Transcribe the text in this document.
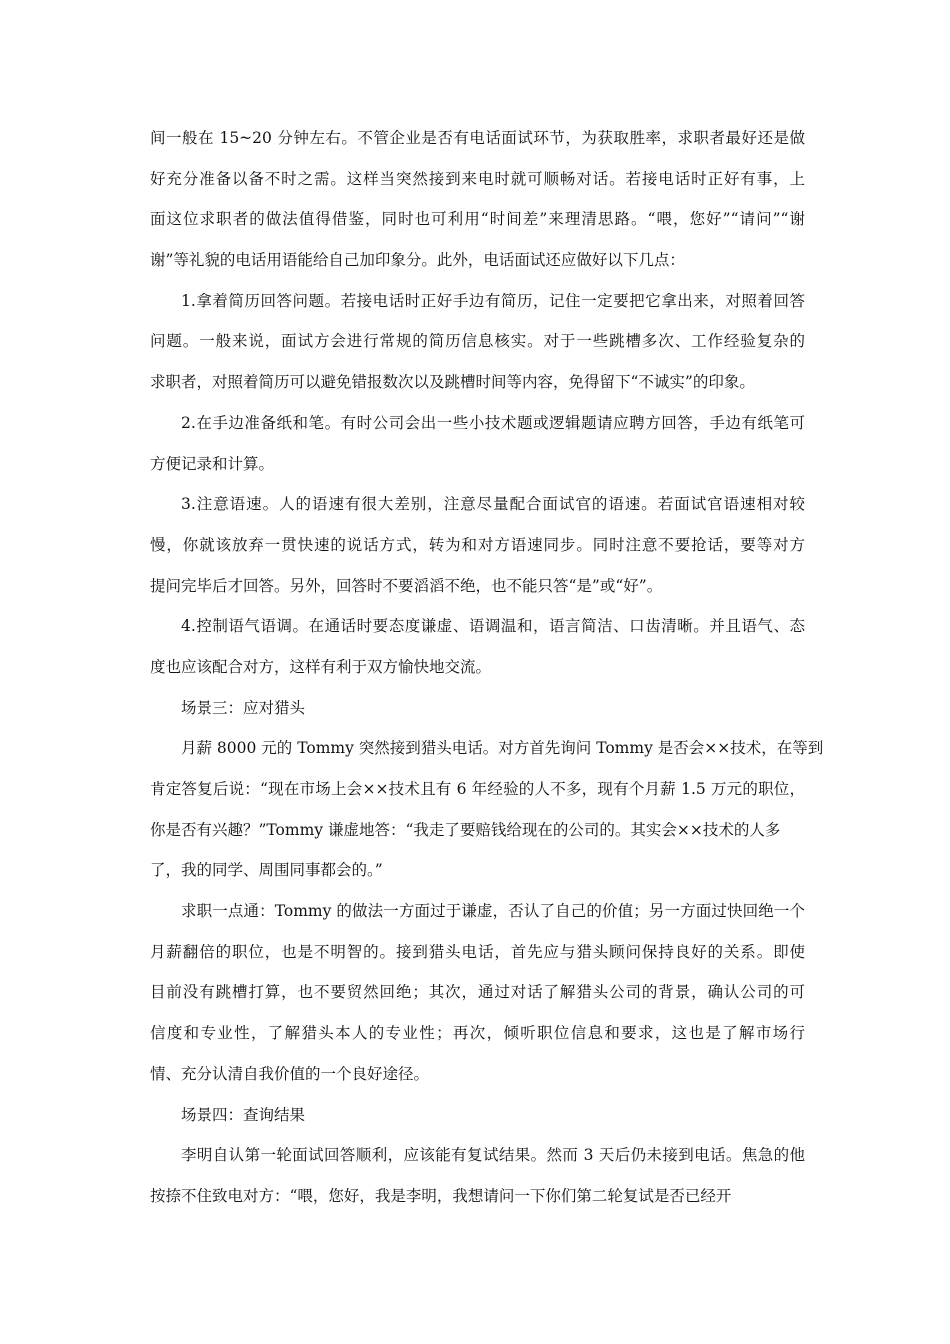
间一般在 15~20 分钟左右。不管企业是否有电话面试环节，为获取胜率，求职者最好还是做
好充分准备以备不时之需。这样当突然接到来电时就可顺畅对话。若接电话时正好有事，上
面这位求职者的做法值得借鉴，同时也可利用“时间差”来理清思路。“喂，您好”“请问”“谢
谢”等礼貌的电话用语能给自己加印象分。此外，电话面试还应做好以下几点：
1.拿着简历回答问题。若接电话时正好手边有简历，记住一定要把它拿出来，对照着回答
问题。一般来说，面试方会进行常规的简历信息核实。对于一些跳槽多次、工作经验复杂的
求职者，对照着简历可以避免错报数次以及跳槽时间等内容，免得留下“不诚实”的印象。
2.在手边准备纸和笔。有时公司会出一些小技术题或逻辑题请应聘方回答，手边有纸笔可
方便记录和计算。
3.注意语速。人的语速有很大差别，注意尽量配合面试官的语速。若面试官语速相对较
慢，你就该放弃一贯快速的说话方式，转为和对方语速同步。同时注意不要抢话，要等对方
提问完毕后才回答。另外，回答时不要滔滔不绝，也不能只答“是”或“好”。
4.控制语气语调。在通话时要态度谦虚、语调温和，语言简洁、口齿清晰。并且语气、态
度也应该配合对方，这样有利于双方愉快地交流。
场景三：应对猎头
月薪 8000 元的 Tommy 突然接到猎头电话。对方首先询问 Tommy 是否会××技术，在等到
肯定答复后说：“现在市场上会××技术且有 6 年经验的人不多，现有个月薪 1.5 万元的职位，
你是否有兴趣？”Tommy 谦虚地答：“我走了要赔钱给现在的公司的。其实会××技术的人多
了，我的同学、周围同事都会的。”
求职一点通：Tommy 的做法一方面过于谦虚，否认了自己的价值；另一方面过快回绝一个
月薪翻倍的职位，也是不明智的。接到猎头电话，首先应与猎头顾问保持良好的关系。即使
目前没有跳槽打算，也不要贸然回绝；其次，通过对话了解猎头公司的背景，确认公司的可
信度和专业性，了解猎头本人的专业性；再次，倾听职位信息和要求，这也是了解市场行
情、充分认清自我价值的一个良好途径。
场景四：查询结果
李明自认第一轮面试回答顺利，应该能有复试结果。然而 3 天后仍未接到电话。焦急的他
按捺不住致电对方：“喂，您好，我是李明，我想请问一下你们第二轮复试是否已经开
